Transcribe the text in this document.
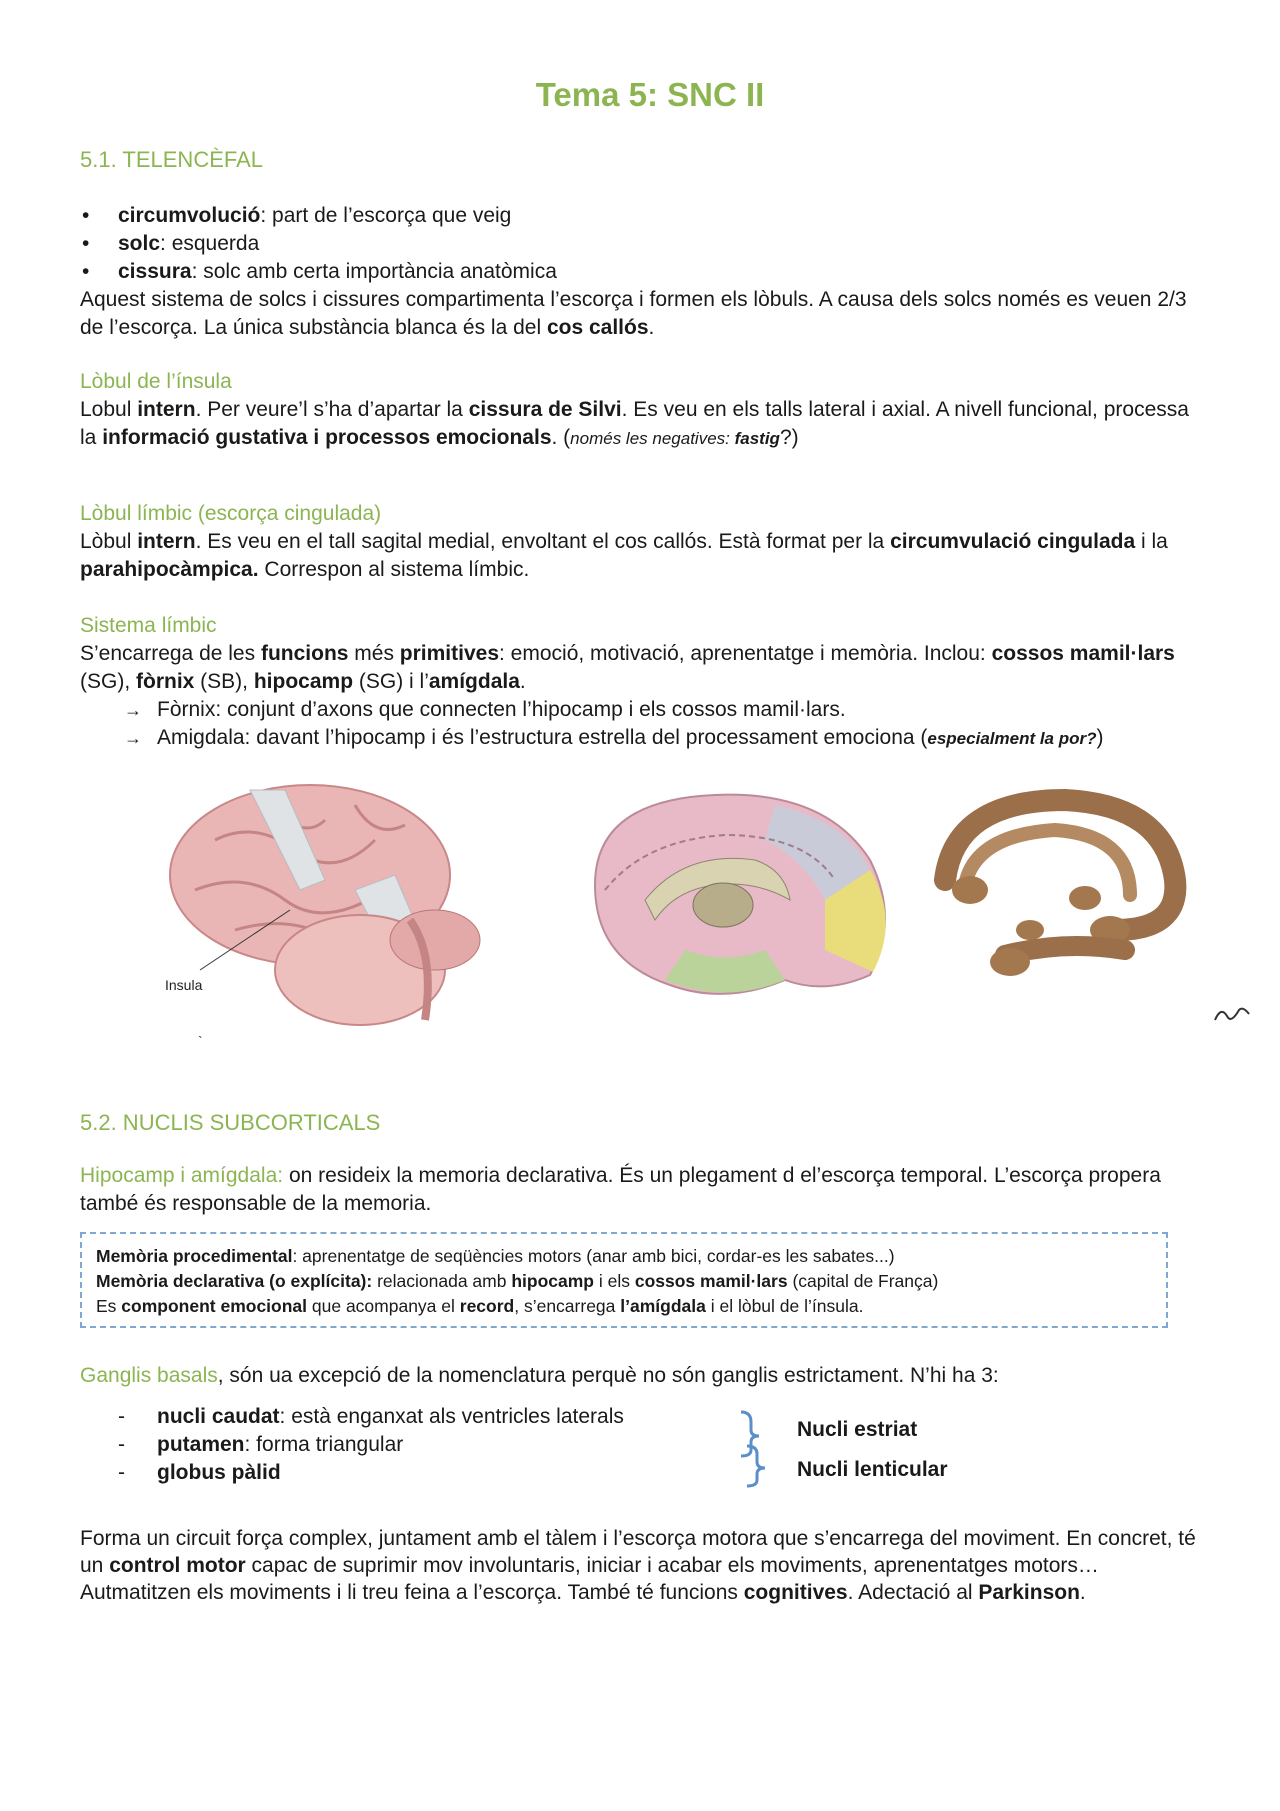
Tema 5: SNC II
5.1. TELENCÈFAL
• circumvolució: part de l’escorça que veig
• solc: esquerda
• cissura: solc amb certa importància anatòmica

Aquest sistema de solcs i cissures compartimenta l’escorça i formen els lòbuls. A causa dels solcs només es veuen 2/3 de l’escorça. La única substància blanca és la del cos callós.

Lòbul de l’ínsula

Lobul intern. Per veure’l s’ha d’apartar la cissura de Silvi. Es veu en els talls lateral i axial. A nivell funcional, processa la informació gustativa i processos emocionals. (només les negatives: fastig?)

Lòbul límbic (escorça cingulada)

Lòbul intern. Es veu en el tall sagital medial, envoltant el cos callós. Està format per la circumvulació cingulada i la parahipocàmpica. Correspon al sistema límbic.

Sistema límbic

S’encarrega de les funcions més primitives: emoció, motivació, aprenentatge i memòria. Inclou: cossos mamil·lars (SG), fòrnix (SB), hipocamp (SG) i l’amígdala.

→ Fòrnix: conjunt d’axons que connecten l’hipocamp i els cossos mamil·lars.
→ Amigdala: davant l’hipocamp i és l’estructura estrella del processament emociona (especialment la por?)
Insula
`
5.2. NUCLIS SUBCORTICALS

Hipocamp i amígdala: on resideix la memoria declarativa. És un plegament d el’escorça temporal. L’escorça propera també és responsable de la memoria.

Memòria procedimental: aprenentatge de seqüències motors (anar amb bici, cordar-es les sabates...)

Memòria declarativa (o explícita): relacionada amb hipocamp i els cossos mamil·lars (capital de França)

Es component emocional que acompanya el record, s’encarrega l’amígdala i el lòbul de l’ínsula.

Ganglis basals, són ua excepció de la nomenclatura perquè no són ganglis estrictament. N’hi ha 3:

- nucli caudat: està enganxat als ventricles laterals
- putamen: forma triangular
- globus pàlid
Nucli estriat
Nucli lenticular

Forma un circuit força complex, juntament amb el tàlem i l’escorça motora que s’encarrega del moviment. En concret, té un control motor capac de suprimir mov involuntaris, iniciar i acabar els moviments, aprenentatges motors… Autmatitzen els moviments i li treu feina a l’escorça. També té funcions cognitives. Adectació al Parkinson.
